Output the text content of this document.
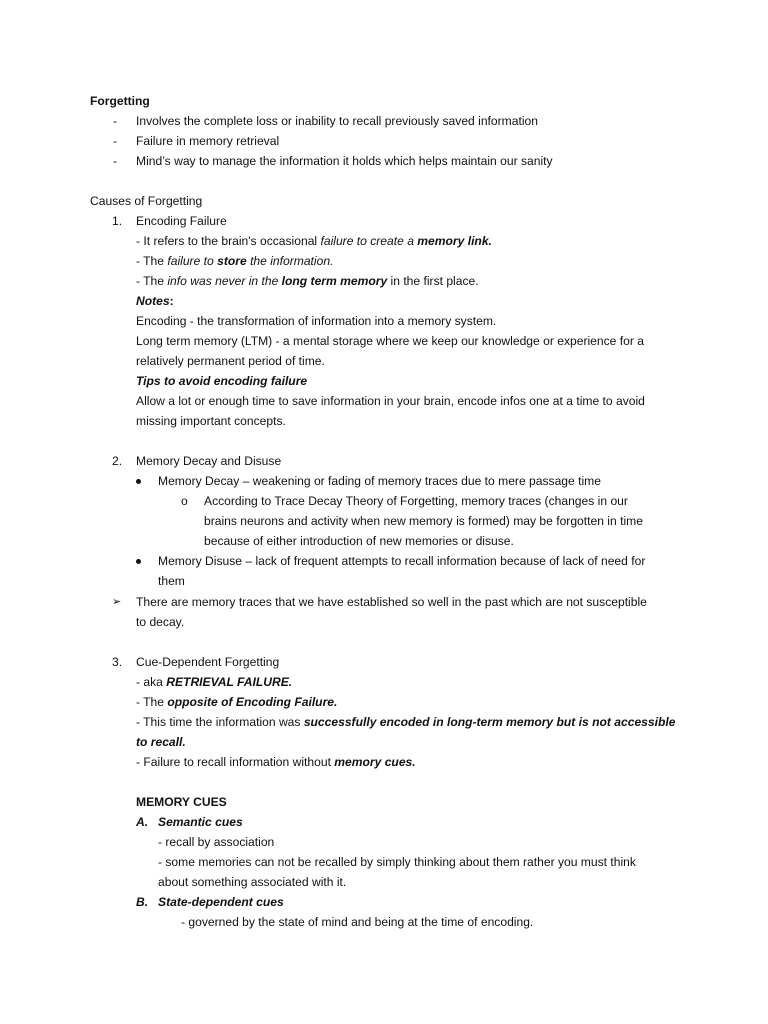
Forgetting
- Involves the complete loss or inability to recall previously saved information
- Failure in memory retrieval
- Mind’s way to manage the information it holds which helps maintain our sanity
Causes of Forgetting
1. Encoding Failure
- It refers to the brain's occasional failure to create a memory link.
- The failure to store the information.
- The info was never in the long term memory in the first place.
Notes:
Encoding - the transformation of information into a memory system.
Long term memory (LTM) - a mental storage where we keep our knowledge or experience for a
relatively permanent period of time.
Tips to avoid encoding failure
Allow a lot or enough time to save information in your brain, encode infos one at a time to avoid
missing important concepts.
2. Memory Decay and Disuse
Memory Decay – weakening or fading of memory traces due to mere passage time
o According to Trace Decay Theory of Forgetting, memory traces (changes in our
brains neurons and activity when new memory is formed) may be forgotten in time
because of either introduction of new memories or disuse.
Memory Disuse – lack of frequent attempts to recall information because of lack of need for
them
➢ There are memory traces that we have established so well in the past which are not susceptible
to decay.
3. Cue-Dependent Forgetting
- aka RETRIEVAL FAILURE.
- The opposite of Encoding Failure.
- This time the information was successfully encoded in long-term memory but is not accessible
to recall.
- Failure to recall information without memory cues.
MEMORY CUES
A. Semantic cues
- recall by association
- some memories can not be recalled by simply thinking about them rather you must think
about something associated with it.
B. State-dependent cues
- governed by the state of mind and being at the time of encoding.
